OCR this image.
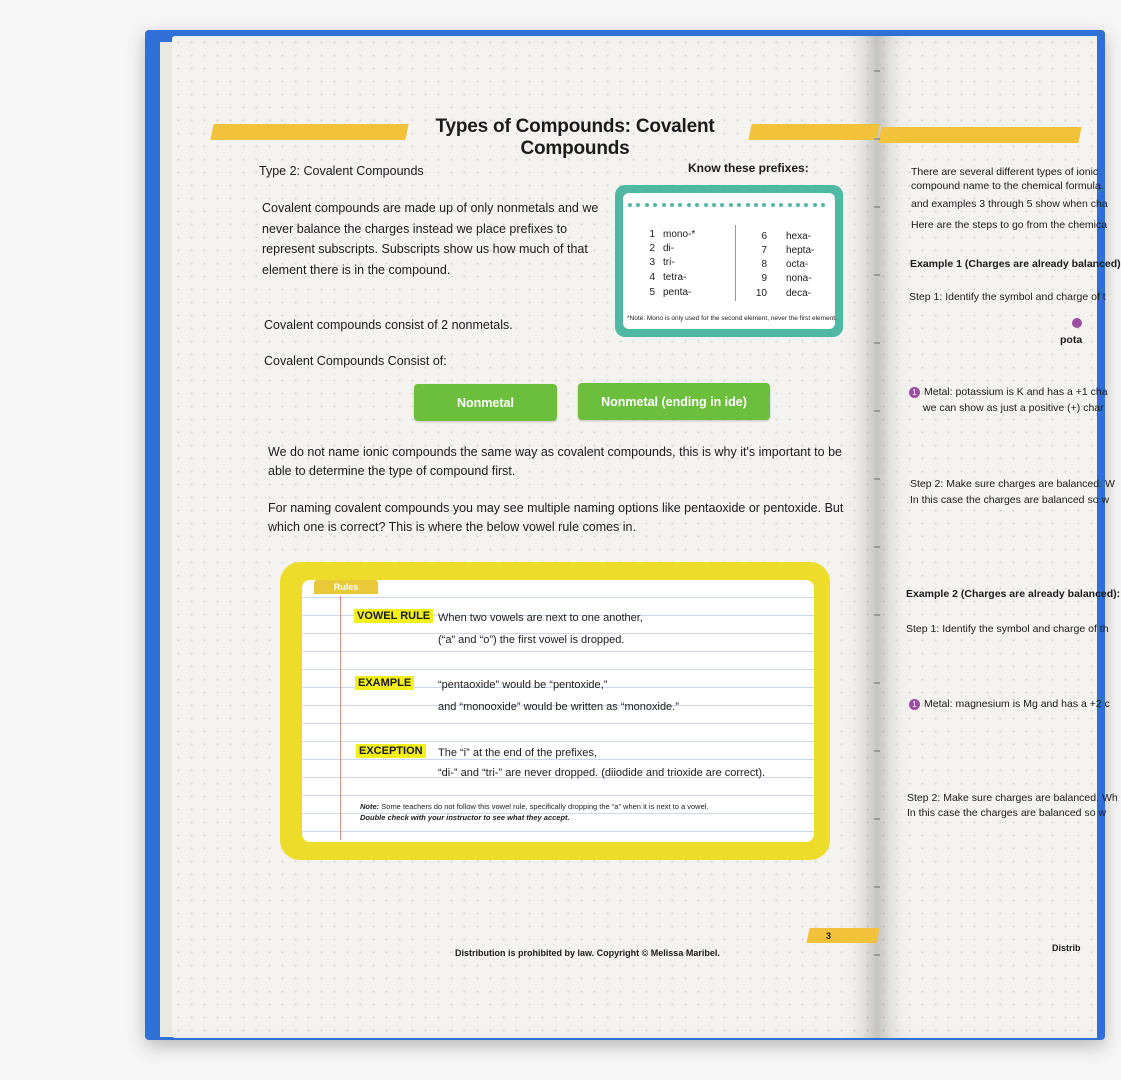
Types of Compounds: Covalent Compounds
Type 2: Covalent Compounds
Covalent compounds are made up of only nonmetals and we never balance the charges instead we place prefixes to represent subscripts. Subscripts show us how much of that element there is in the compound.
Covalent compounds consist of 2 nonmetals.
Covalent Compounds Consist of:
Nonmetal	Nonmetal (ending in ide)
We do not name ionic compounds the same way as covalent compounds, this is why it's important to be able to determine the type of compound first.
For naming covalent compounds you may see multiple naming options like pentaoxide or pentoxide. But which one is correct? This is where the below vowel rule comes in.
Know these prefixes:
1 mono-*
2 di-
3 tri-
4 tetra-
5 penta-
6 hexa-
7 hepta-
8 octa-
9 nona-
10 deca-
*Note: Mono is only used for the second element, never the first element.
Rules
VOWEL RULE When two vowels are next to one another,
(“a” and “o”) the first vowel is dropped.
EXAMPLE “pentaoxide” would be “pentoxide,”
and “monooxide” would be written as “monoxide.”
EXCEPTION The “i” at the end of the prefixes,
“di-” and “tri-” are never dropped. (diiodide and trioxide are correct).
Note: Some teachers do not follow this vowel rule, specifically dropping the “a” when it is next to a vowel.
Double check with your instructor to see what they accept.
Distribution is prohibited by law. Copyright © Melissa Maribel.
3
There are several different types of ionic
compound name to the chemical formula.
and examples 3 through 5 show when cha
Here are the steps to go from the chemica
Example 1 (Charges are already balanced)
Step 1: Identify the symbol and charge of t
pota
1 Metal: potassium is K and has a +1 cha
we can show as just a positive (+) char
Step 2: Make sure charges are balanced. W
In this case the charges are balanced so w
Example 2 (Charges are already balanced):
Step 1: Identify the symbol and charge of th
1 Metal: magnesium is Mg and has a +2 c
Step 2: Make sure charges are balanced. Wh
In this case the charges are balanced so w
Distrib
